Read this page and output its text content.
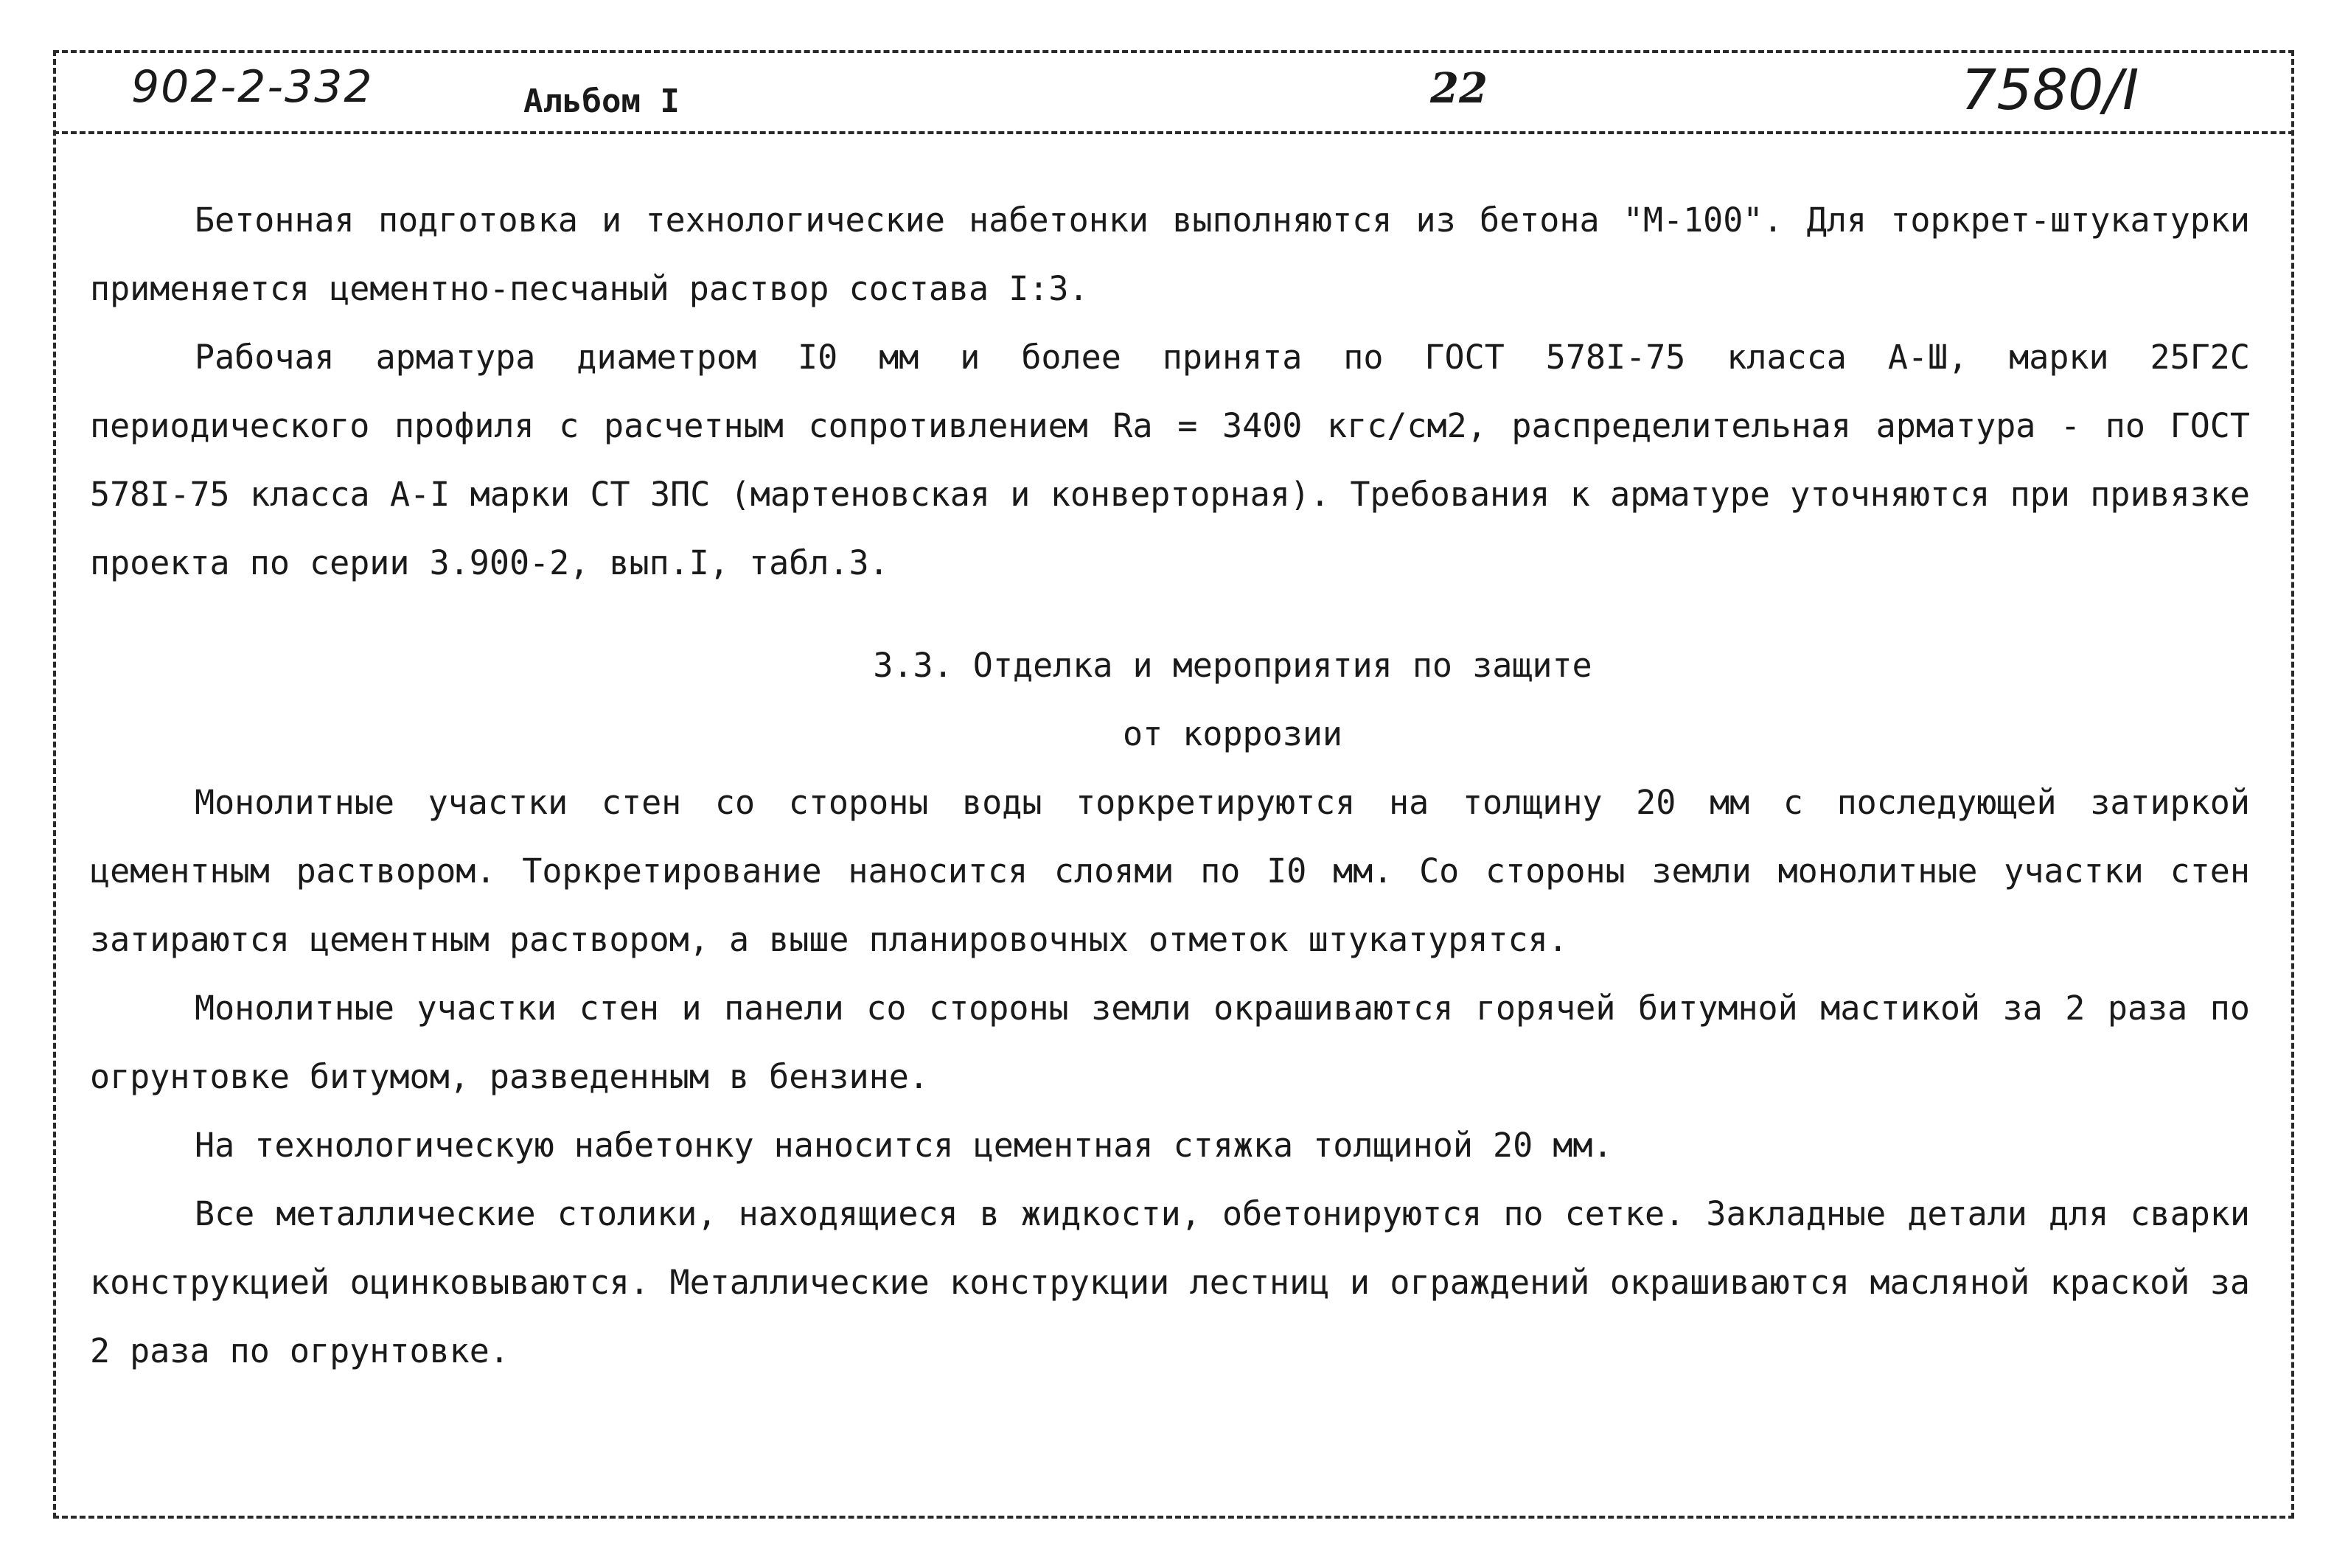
902-2-332	Альбом I	22	7580/I

Бетонная подготовка и технологические набетонки выполняются из бетона "М-100". Для торкрет-штукатурки применяется цементно-песчаный раствор состава I:3.

Рабочая арматура диаметром I0 мм и более принята по ГОСТ 578I-75 класса А-Ш, марки 25Г2С периодического профиля с расчетным сопротивлением Rа = 3400 кгс/см2, распределительная арматура - по ГОСТ 578I-75 класса А-I марки СТ 3ПС (мартеновская и конверторная). Требования к арматуре уточняются при привязке проекта по серии 3.900-2, вып.I, табл.3.

3.3. Отделка и мероприятия по защите
от коррозии

Монолитные участки стен со стороны воды торкретируются на толщину 20 мм с последующей затиркой цементным раствором. Торкретирование наносится слоями по I0 мм. Со стороны земли монолитные участки стен затираются цементным раствором, а выше планировочных отметок штукатурятся.

Монолитные участки стен и панели со стороны земли окрашиваются горячей битумной мастикой за 2 раза по огрунтовке битумом, разведенным в бензине.

На технологическую набетонку наносится цементная стяжка толщиной 20 мм.

Все металлические столики, находящиеся в жидкости, обетонируются по сетке. Закладные детали для сварки конструкцией оцинковываются. Металлические конструкции лестниц и ограждений окрашиваются масляной краской за 2 раза по огрунтовке.
